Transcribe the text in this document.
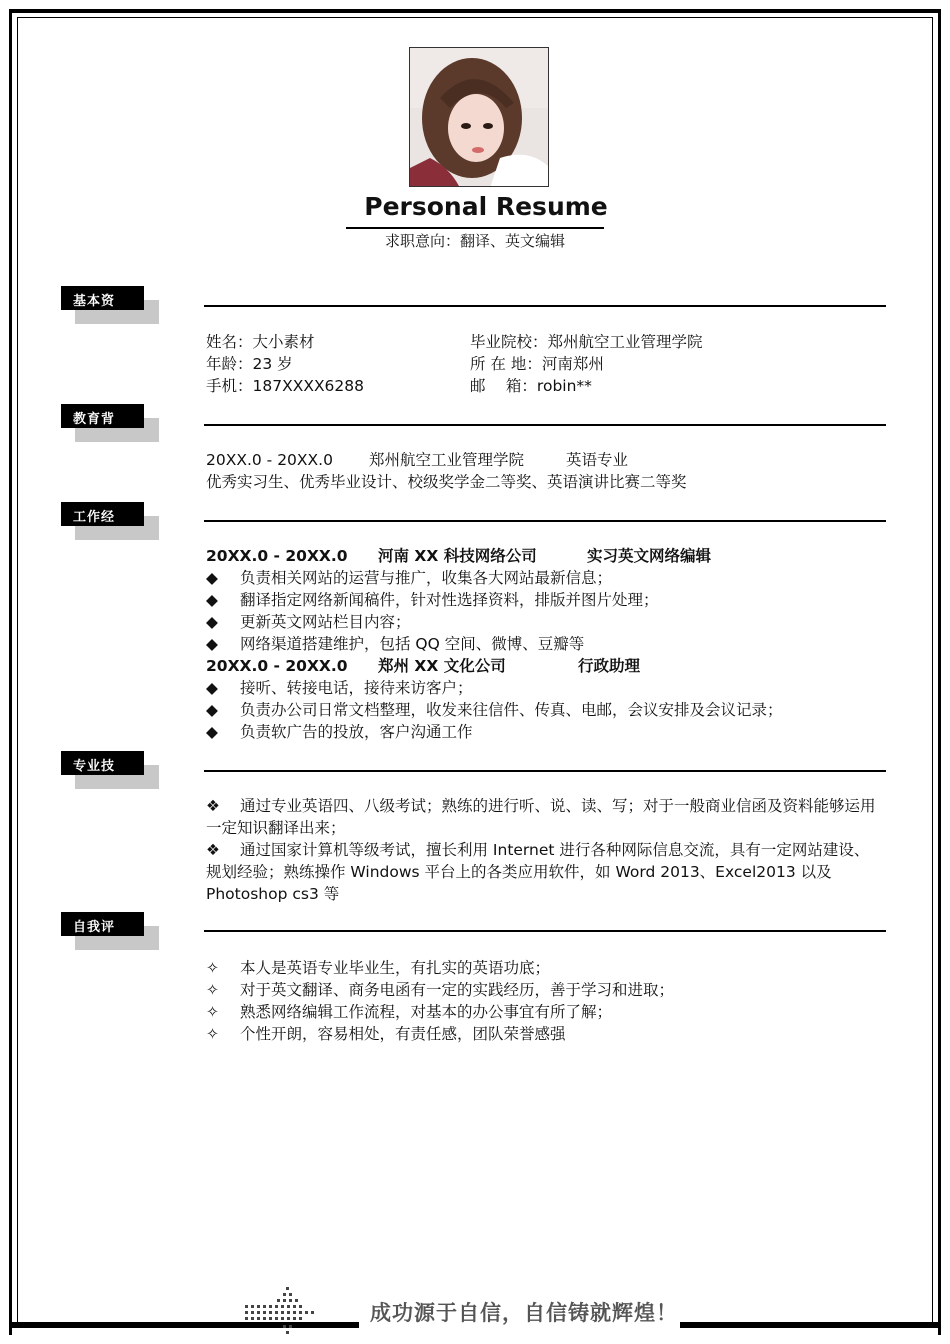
Personal Resume
求职意向：翻译、英文编辑
基本资
姓名：大小素材	毕业院校：郑州航空工业管理学院
年龄：23 岁	所 在 地：河南郑州
手机：187XXXX6288	邮　 箱：robin**
教育背
20XX.0 - 20XX.0 郑州航空工业管理学院	英语专业
优秀实习生、优秀毕业设计、校级奖学金二等奖、英语演讲比赛二等奖
工作经
20XX.0 - 20XX.0 河南 XX 科技网络公司	实习英文网络编辑
◆ 负责相关网站的运营与推广，收集各大网站最新信息；
◆ 翻译指定网络新闻稿件，针对性选择资料，排版并图片处理；
◆ 更新英文网站栏目内容；
◆ 网络渠道搭建维护，包括 QQ 空间、微博、豆瓣等
20XX.0 - 20XX.0 郑州 XX 文化公司	行政助理
◆ 接听、转接电话，接待来访客户；
◆ 负责办公司日常文档整理，收发来往信件、传真、电邮，会议安排及会议记录；
◆ 负责软广告的投放，客户沟通工作
专业技
❖ 通过专业英语四、八级考试；熟练的进行听、说、读、写；对于一般商业信函及资料能够运用一定知识翻译出来；
❖ 通过国家计算机等级考试，擅长利用 Internet 进行各种网际信息交流，具有一定网站建设、规划经验；熟练操作 Windows 平台上的各类应用软件，如 Word 2013、Excel2013 以及 Photoshop cs3 等
自我评
✧ 本人是英语专业毕业生，有扎实的英语功底；
✧ 对于英文翻译、商务电函有一定的实践经历，善于学习和进取；
✧ 熟悉网络编辑工作流程，对基本的办公事宜有所了解；
✧ 个性开朗，容易相处，有责任感，团队荣誉感强
成功源于自信，自信铸就辉煌！
